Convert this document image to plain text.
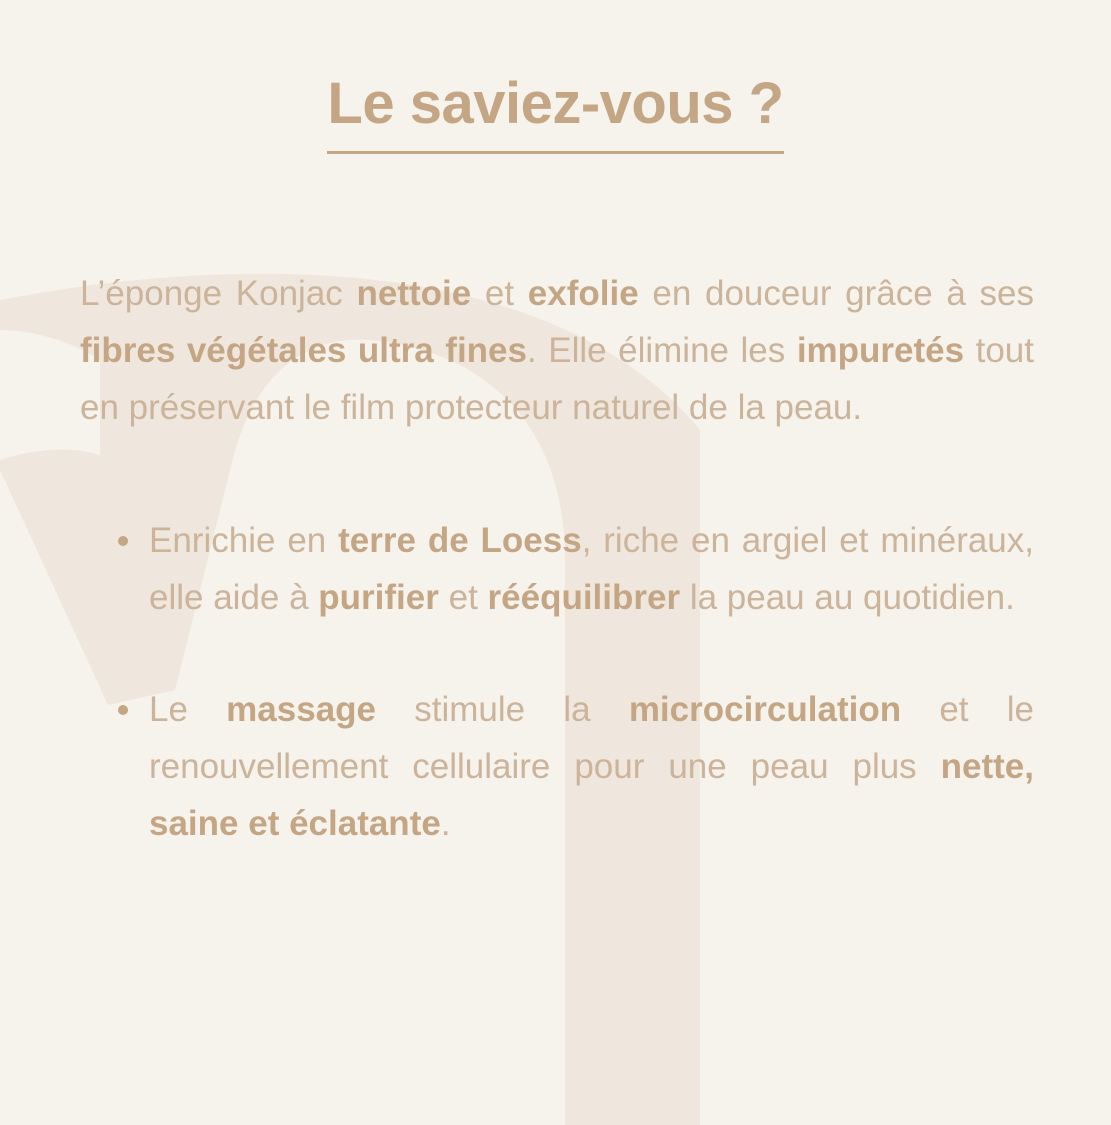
Le saviez-vous ?

L’éponge Konjac nettoie et exfolie en douceur grâce à ses fibres végétales ultra fines. Elle élimine les impuretés tout en préservant le film protecteur naturel de la peau.

Enrichie en terre de Loess, riche en argiel et minéraux, elle aide à purifier et rééquilibrer la peau au quotidien.
Le massage stimule la microcirculation et le renouvellement cellulaire pour une peau plus nette, saine et éclatante.
